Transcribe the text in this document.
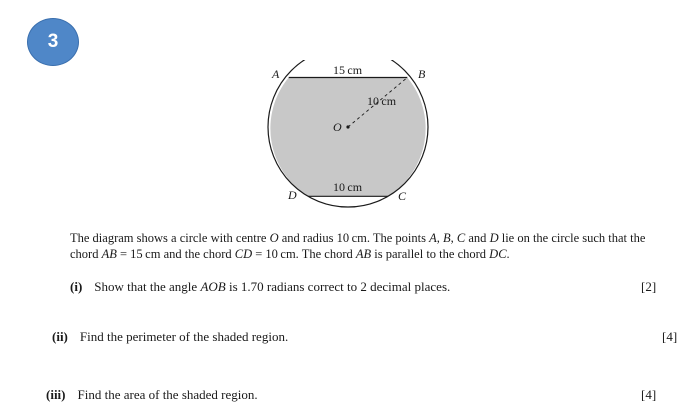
3
A	B
C
D
O
15 cm
10 cm
10 cm
The diagram shows a circle with centre O and radius 10 cm. The points A, B, C and D lie on the circle such that the chord AB = 15 cm and the chord CD = 10 cm. The chord AB is parallel to the chord DC.
(i) Show that the angle AOB is 1.70 radians correct to 2 decimal places.	[2]
(ii) Find the perimeter of the shaded region.	[4]
(iii) Find the area of the shaded region.	[4]
